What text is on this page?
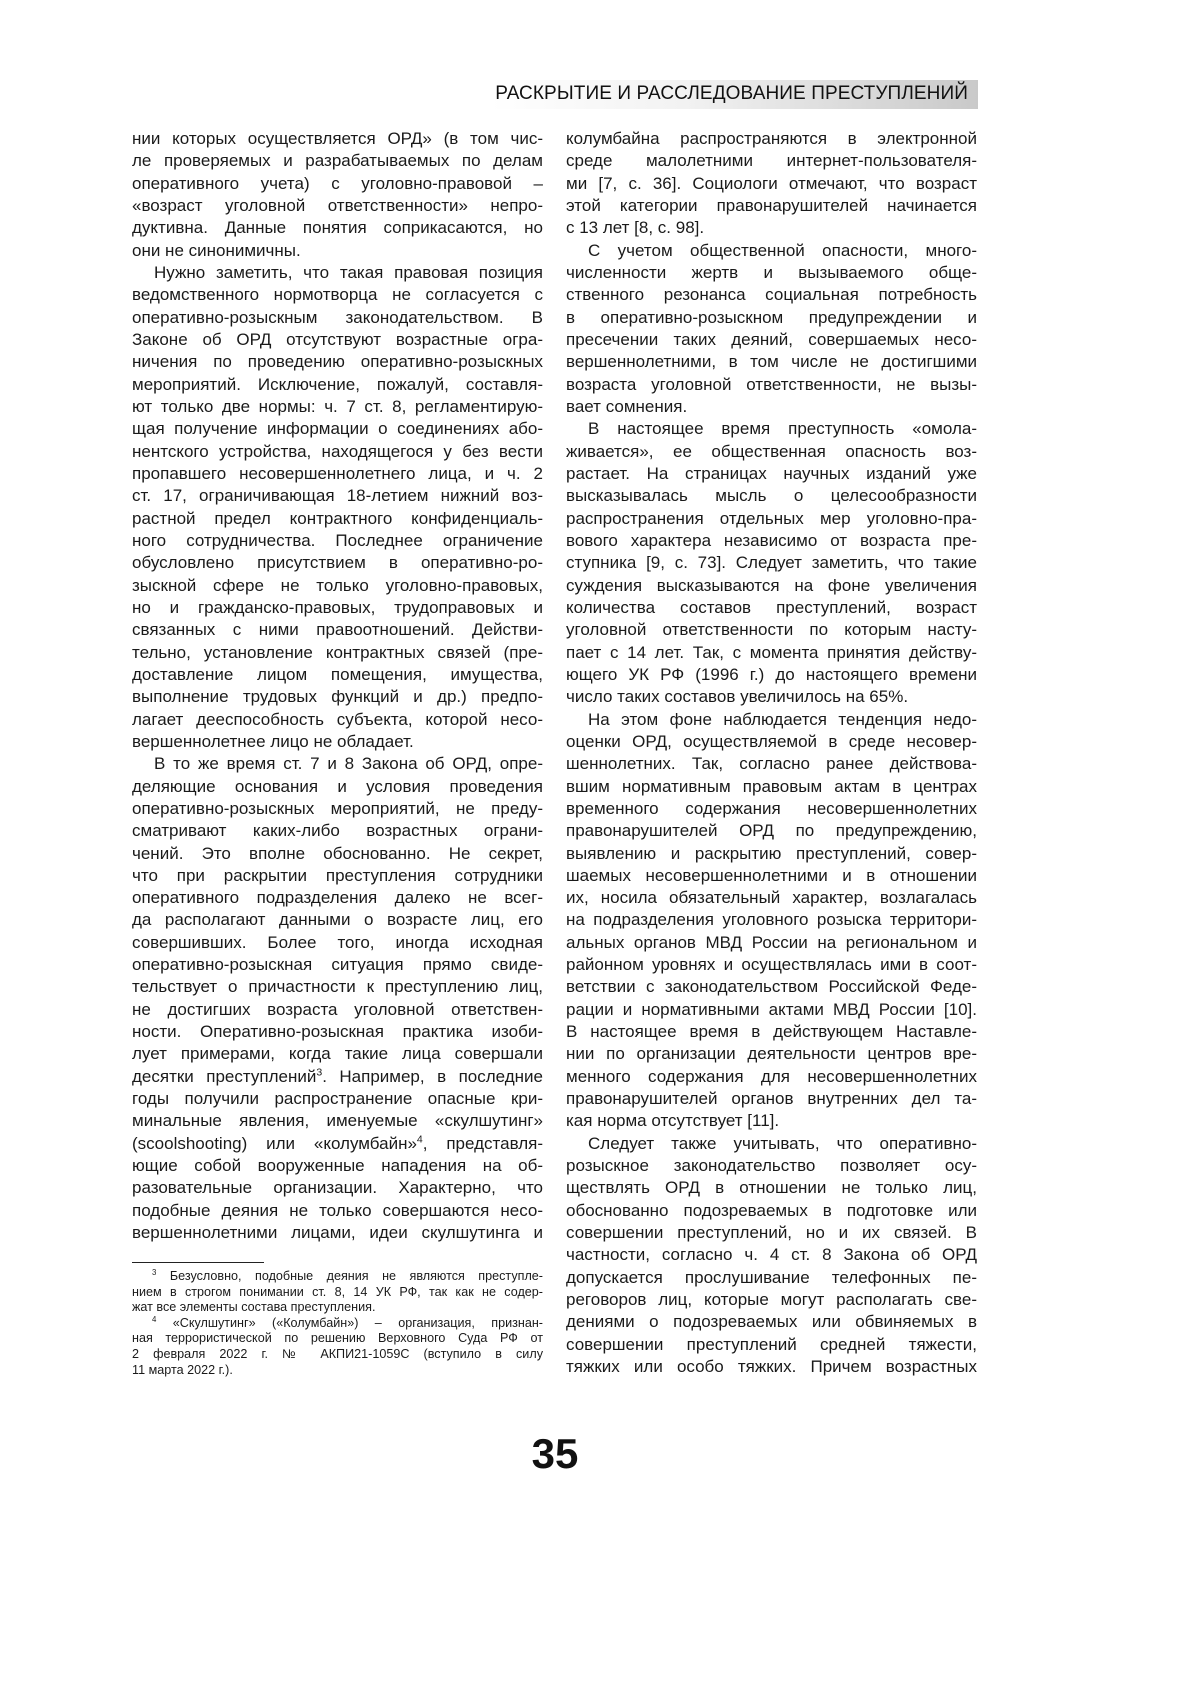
РАСКРЫТИЕ И РАССЛЕДОВАНИЕ ПРЕСТУПЛЕНИЙ
нии которых осуществляется ОРД» (в том чис-
ле проверяемых и разрабатываемых по делам
оперативного учета) с уголовно-правовой –
«возраст уголовной ответственности» непро-
дуктивна. Данные понятия соприкасаются, но
они не синонимичны.
Нужно заметить, что такая правовая позиция
ведомственного нормотворца не согласуется с
оперативно-розыскным законодательством. В
Законе об ОРД отсутствуют возрастные огра-
ничения по проведению оперативно-розыскных
мероприятий. Исключение, пожалуй, составля-
ют только две нормы: ч. 7 ст. 8, регламентирую-
щая получение информации о соединениях або-
нентского устройства, находящегося у без вести
пропавшего несовершеннолетнего лица, и ч. 2
ст. 17, ограничивающая 18-летием нижний воз-
растной предел контрактного конфиденциаль-
ного сотрудничества. Последнее ограничение
обусловлено присутствием в оперативно-ро-
зыскной сфере не только уголовно-правовых,
но и гражданско-правовых, трудоправовых и
связанных с ними правоотношений. Действи-
тельно, установление контрактных связей (пре-
доставление лицом помещения, имущества,
выполнение трудовых функций и др.) предпо-
лагает дееспособность субъекта, которой несо-
вершеннолетнее лицо не обладает.
В то же время ст. 7 и 8 Закона об ОРД, опре-
деляющие основания и условия проведения
оперативно-розыскных мероприятий, не преду-
сматривают каких-либо возрастных ограни-
чений. Это вполне обоснованно. Не секрет,
что при раскрытии преступления сотрудники
оперативного подразделения далеко не всег-
да располагают данными о возрасте лиц, его
совершивших. Более того, иногда исходная
оперативно-розыскная ситуация прямо свиде-
тельствует о причастности к преступлению лиц,
не достигших возраста уголовной ответствен-
ности. Оперативно-розыскная практика изоби-
лует примерами, когда такие лица совершали
десятки преступлений3. Например, в последние
годы получили распространение опасные кри-
минальные явления, именуемые «скулшутинг»
(scoolshooting) или «колумбайн»4, представля-
ющие собой вооруженные нападения на об-
разовательные организации. Характерно, что
подобные деяния не только совершаются несо-
вершеннолетними лицами, идеи скулшутинга и
колумбайна распространяются в электронной
среде малолетними интернет-пользователя-
ми [7, с. 36]. Социологи отмечают, что возраст
этой категории правонарушителей начинается
с 13 лет [8, с. 98].
С учетом общественной опасности, много-
численности жертв и вызываемого обще-
ственного резонанса социальная потребность
в оперативно-розыскном предупреждении и
пресечении таких деяний, совершаемых несо-
вершеннолетними, в том числе не достигшими
возраста уголовной ответственности, не вызы-
вает сомнения.
В настоящее время преступность «омола-
живается», ее общественная опасность воз-
растает. На страницах научных изданий уже
высказывалась мысль о целесообразности
распространения отдельных мер уголовно-пра-
вового характера независимо от возраста пре-
ступника [9, с. 73]. Следует заметить, что такие
суждения высказываются на фоне увеличения
количества составов преступлений, возраст
уголовной ответственности по которым насту-
пает с 14 лет. Так, с момента принятия действу-
ющего УК РФ (1996 г.) до настоящего времени
число таких составов увеличилось на 65%.
На этом фоне наблюдается тенденция недо-
оценки ОРД, осуществляемой в среде несовер-
шеннолетних. Так, согласно ранее действова-
вшим нормативным правовым актам в центрах
временного содержания несовершеннолетних
правонарушителей ОРД по предупреждению,
выявлению и раскрытию преступлений, совер-
шаемых несовершеннолетними и в отношении
их, носила обязательный характер, возлагалась
на подразделения уголовного розыска территори-
альных органов МВД России на региональном и
районном уровнях и осуществлялась ими в соот-
ветствии с законодательством Российской Феде-
рации и нормативными актами МВД России [10].
В настоящее время в действующем Наставле-
нии по организации деятельности центров вре-
менного содержания для несовершеннолетних
правонарушителей органов внутренних дел та-
кая норма отсутствует [11].
Следует также учитывать, что оперативно-
розыскное законодательство позволяет осу-
ществлять ОРД в отношении не только лиц,
обоснованно подозреваемых в подготовке или
совершении преступлений, но и их связей. В
частности, согласно ч. 4 ст. 8 Закона об ОРД
допускается прослушивание телефонных пе-
реговоров лиц, которые могут располагать све-
дениями о подозреваемых или обвиняемых в
совершении преступлений средней тяжести,
тяжких или особо тяжких. Причем возрастных
3 Безусловно, подобные деяния не являются преступле-
нием в строгом понимании ст. 8, 14 УК РФ, так как не содер-
жат все элементы состава преступления.
4 «Скулшутинг» («Колумбайн») – организация, признан-
ная террористической по решению Верховного Суда РФ от
2 февраля 2022 г. № АКПИ21-1059С (вступило в силу
11 марта 2022 г.).
35
